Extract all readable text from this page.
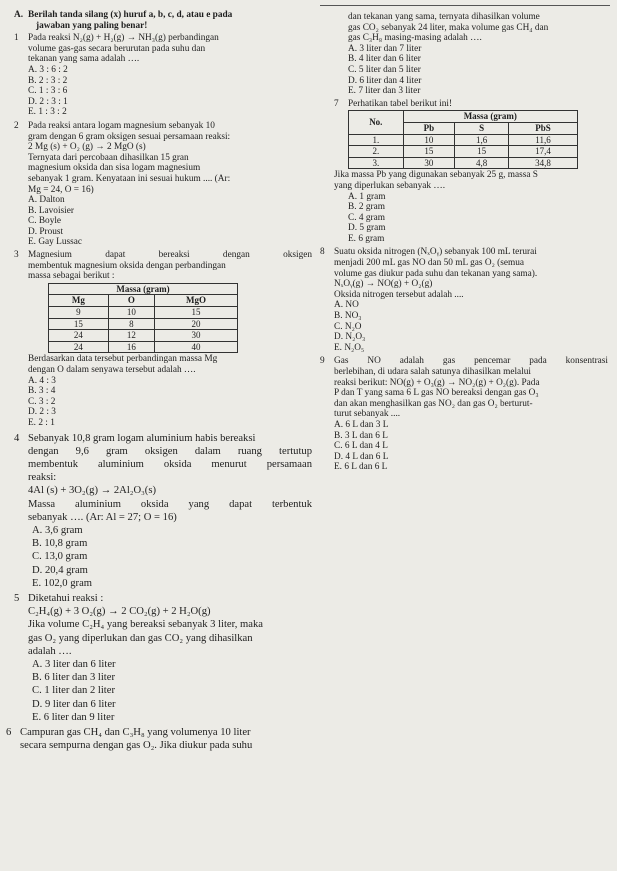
A. Berilah tanda silang (x) huruf a, b, c, d, atau e pada
jawaban yang paling benar!
1	Pada reaksi N₂(g) + H₂(g) → NH₃(g) perbandingan
volume gas-gas secara berurutan pada suhu dan
tekanan yang sama adalah ….
A. 3 : 6 : 2
B. 2 : 3 : 2
C. 1 : 3 : 6
D. 2 : 3 : 1
E. 1 : 3 : 2
2	Pada reaksi antara logam magnesium sebanyak 10
gram dengan 6 gram oksigen sesuai persamaan reaksi:
2 Mg (s) + O₂ (g) → 2 MgO (s)
Ternyata dari percobaan dihasilkan 15 gran
magnesium oksida dan sisa logam magnesium
sebanyak 1 gram. Kenyataan ini sesuai hukum .... (Ar:
Mg = 24, O = 16)
A. Dalton
B. Lavoisier
C. Boyle
D. Proust
E. Gay Lussac
3	Magnesium dapat bereaksi dengan oksigen
membentuk magnesium oksida dengan perbandingan
massa sebagai berikut :
Massa (gram)		
Mg	O	MgO
9	10	15
15	8	20
24	12	30
24	16	40
Berdasarkan data tersebut perbandingan massa Mg
dengan O dalam senyawa tersebut adalah ….
A. 4 : 3
B. 3 : 4
C. 3 : 2
D. 2 : 3
E. 2 : 1
4 Sebanyak 10,8 gram logam aluminium habis bereaksi
dengan 9,6 gram oksigen dalam ruang tertutup
membentuk aluminium oksida menurut persamaan
reaksi:
4Al (s) + 3O₂(g) → 2Al₂O₃(s)
Massa aluminium oksida yang dapat terbentuk
sebanyak …. (Ar: Al = 27; O = 16)
A. 3,6 gram
B. 10,8 gram
C. 13,0 gram
D. 20,4 gram
E. 102,0 gram
5 Diketahui reaksi :
C₂H₄(g) + 3 O₂(g) → 2 CO₂(g) + 2 H₂O(g)
Jika volume C₂H₄ yang bereaksi sebanyak 3 liter, maka
gas O₂ yang diperlukan dan gas CO₂ yang dihasilkan
adalah ….
A. 3 liter dan 6 liter
B. 6 liter dan 3 liter
C. 1 liter dan 2 liter
D. 9 liter dan 6 liter
E. 6 liter dan 9 liter
6 Campuran gas CH₄ dan C₃H₈ yang volumenya 10 liter
secara sempurna dengan gas O₂. Jika diukur pada suhu
dan tekanan yang sama, ternyata dihasilkan volume
gas CO₂ sebanyak 24 liter, maka volume gas CH₄ dan
gas C₃H₈ masing-masing adalah ….
A. 3 liter dan 7 liter
B. 4 liter dan 6 liter
C. 5 liter dan 5 liter
D. 6 liter dan 4 liter
E. 7 liter dan 3 liter
7	Perhatikan tabel berikut ini!
No.	Massa (gram)		
	Pb	S	PbS
1.	10	1,6	11,6
2.	15	15	17,4
3.	30	4,8	34,8
Jika massa Pb yang digunakan sebanyak 25 g, massa S
yang diperlukan sebanyak ….
A. 1 gram
B. 2 gram
C. 4 gram
D. 5 gram
E. 6 gram
8	Suatu oksida nitrogen (NₓOᵧ) sebanyak 100 mL terurai
menjadi 200 mL gas NO dan 50 mL gas O₂ (semua
volume gas diukur pada suhu dan tekanan yang sama).
NₓOᵧ(g) → NO(g) + O₂(g)
Oksida nitrogen tersebut adalah ....
A. NO
B. NO₃
C. N₂O
D. N₂O₃
E. N₂O₅
9	Gas NO adalah gas pencemar pada konsentrasi
berlebihan, di udara salah satunya dihasilkan melalui
reaksi berikut: NO(g) + O₃(g) → NO₂(g) + O₂(g). Pada
P dan T yang sama 6 L gas NO bereaksi dengan gas O₃
dan akan menghasilkan gas NO₂ dan gas O₂ berturut-
turut sebanyak ....
A. 6 L dan 3 L
B. 3 L dan 6 L
C. 6 L dan 4 L
D. 4 L dan 6 L
E. 6 L dan 6 L
